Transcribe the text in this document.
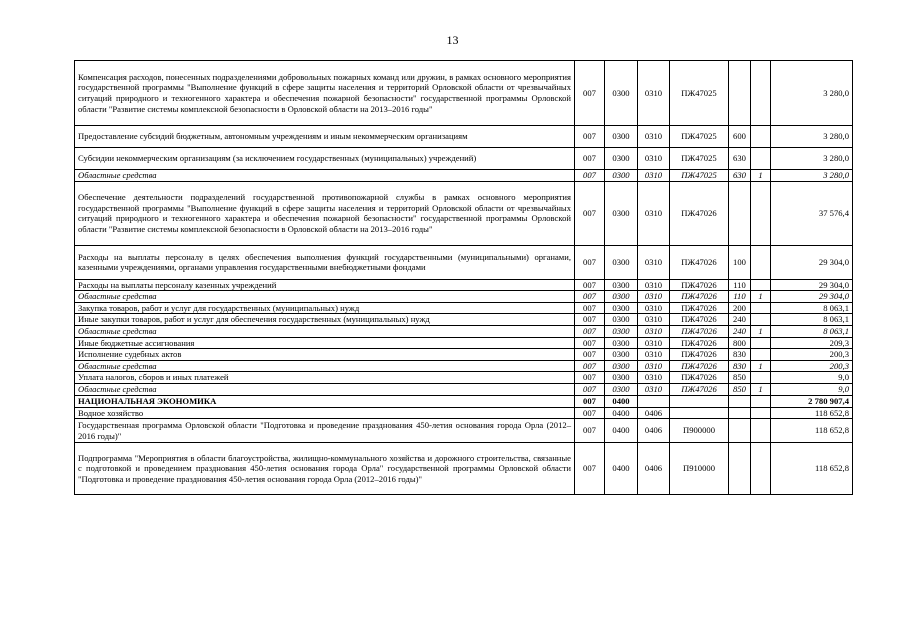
13
Компенсация расходов, понесенных подразделениями добровольных пожарных команд или дружин, в рамках основного мероприятия государственной программы "Выполнение функций в сфере защиты населения и территорий Орловской области от чрезвычайных ситуаций природного и техногенного характера и обеспечения пожарной безопасности" государственной программы Орловской области "Развитие системы комплексной безопасности в Орловской области на 2013–2016 годы"	007	0300	0310	ПЖ47025			3 280,0
Предоставление субсидий бюджетным, автономным учреждениям и иным некоммерческим организациям	007	0300	0310	ПЖ47025	600		3 280,0
Субсидии некоммерческим организациям (за исключением государственных (муниципальных) учреждений)	007	0300	0310	ПЖ47025	630		3 280,0
Областные средства	007	0300	0310	ПЖ47025	630	1	3 280,0
Обеспечение деятельности подразделений государственной противопожарной службы в рамках основного мероприятия государственной программы "Выполнение функций в сфере защиты населения и территорий Орловской области от чрезвычайных ситуаций природного и техногенного характера и обеспечения пожарной безопасности" государственной программы Орловской области "Развитие системы комплексной безопасности в Орловской области на 2013–2016 годы"	007	0300	0310	ПЖ47026			37 576,4
Расходы на выплаты персоналу в целях обеспечения выполнения функций государственными (муниципальными) органами, казенными учреждениями, органами управления государственными внебюджетными фондами	007	0300	0310	ПЖ47026	100		29 304,0
Расходы на выплаты персоналу казенных учреждений	007	0300	0310	ПЖ47026	110		29 304,0
Областные средства	007	0300	0310	ПЖ47026	110	1	29 304,0
Закупка товаров, работ и услуг для государственных (муниципальных) нужд	007	0300	0310	ПЖ47026	200		8 063,1
Иные закупки товаров, работ и услуг для обеспечения государственных (муниципальных) нужд	007	0300	0310	ПЖ47026	240		8 063,1
Областные средства	007	0300	0310	ПЖ47026	240	1	8 063,1
Иные бюджетные ассигнования	007	0300	0310	ПЖ47026	800		209,3
Исполнение судебных актов	007	0300	0310	ПЖ47026	830		200,3
Областные средства	007	0300	0310	ПЖ47026	830	1	200,3
Уплата налогов, сборов и иных платежей	007	0300	0310	ПЖ47026	850		9,0
Областные средства	007	0300	0310	ПЖ47026	850	1	9,0
НАЦИОНАЛЬНАЯ ЭКОНОМИКА	007	0400					2 780 907,4
Водное хозяйство	007	0400	0406				118 652,8
Государственная программа Орловской области "Подготовка и проведение празднования 450-летия основания города Орла (2012–2016 годы)"	007	0400	0406	П900000			118 652,8
Подпрограмма "Мероприятия в области благоустройства, жилищно-коммунального хозяйства и дорожного строительства, связанные с подготовкой и проведением празднования 450-летия основания города Орла" государственной программы Орловской области "Подготовка и проведение празднования 450-летия основания города Орла (2012–2016 годы)"	007	0400	0406	П910000			118 652,8
